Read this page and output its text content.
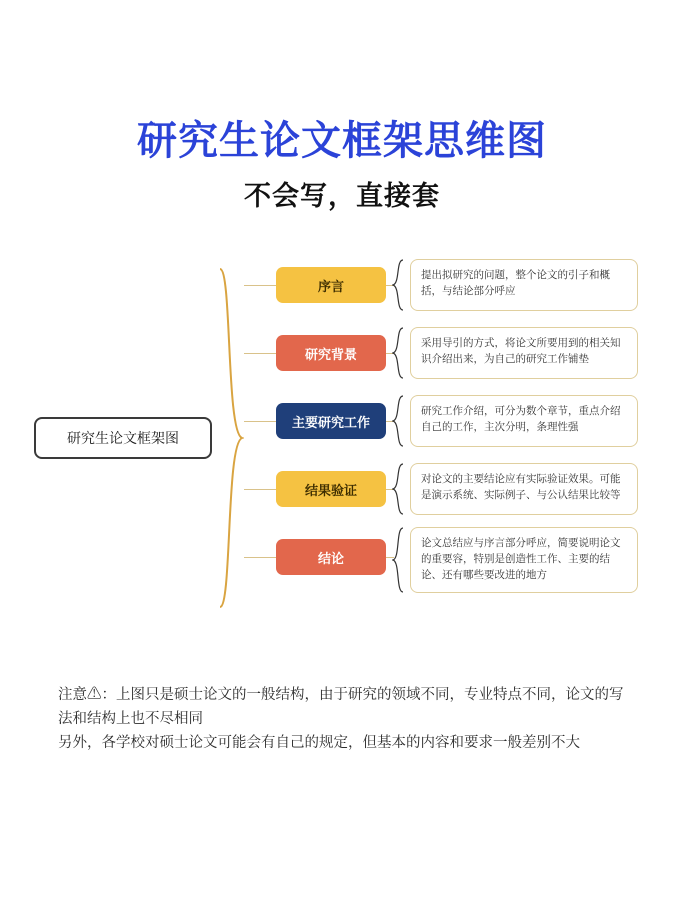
研究生论文框架思维图
不会写，直接套
研究生论文框架图
序言
研究背景
主要研究工作
结果验证
结论
提出拟研究的问题，整个论文的引子和概括，与结论部分呼应
采用导引的方式，将论文所要用到的相关知识介绍出来，为自己的研究工作铺垫
研究工作介绍，可分为数个章节，重点介绍自己的工作，主次分明，条理性强
对论文的主要结论应有实际验证效果。可能是演示系统、实际例子、与公认结果比较等
论文总结应与序言部分呼应，简要说明论文的重要容，特别是创造性工作、主要的结论、还有哪些要改进的地方

注意⚠：上图只是硕士论文的一般结构，由于研究的领域不同，专业特点不同，论文的写法和结构上也不尽相同

另外，各学校对硕士论文可能会有自己的规定，但基本的内容和要求一般差别不大
